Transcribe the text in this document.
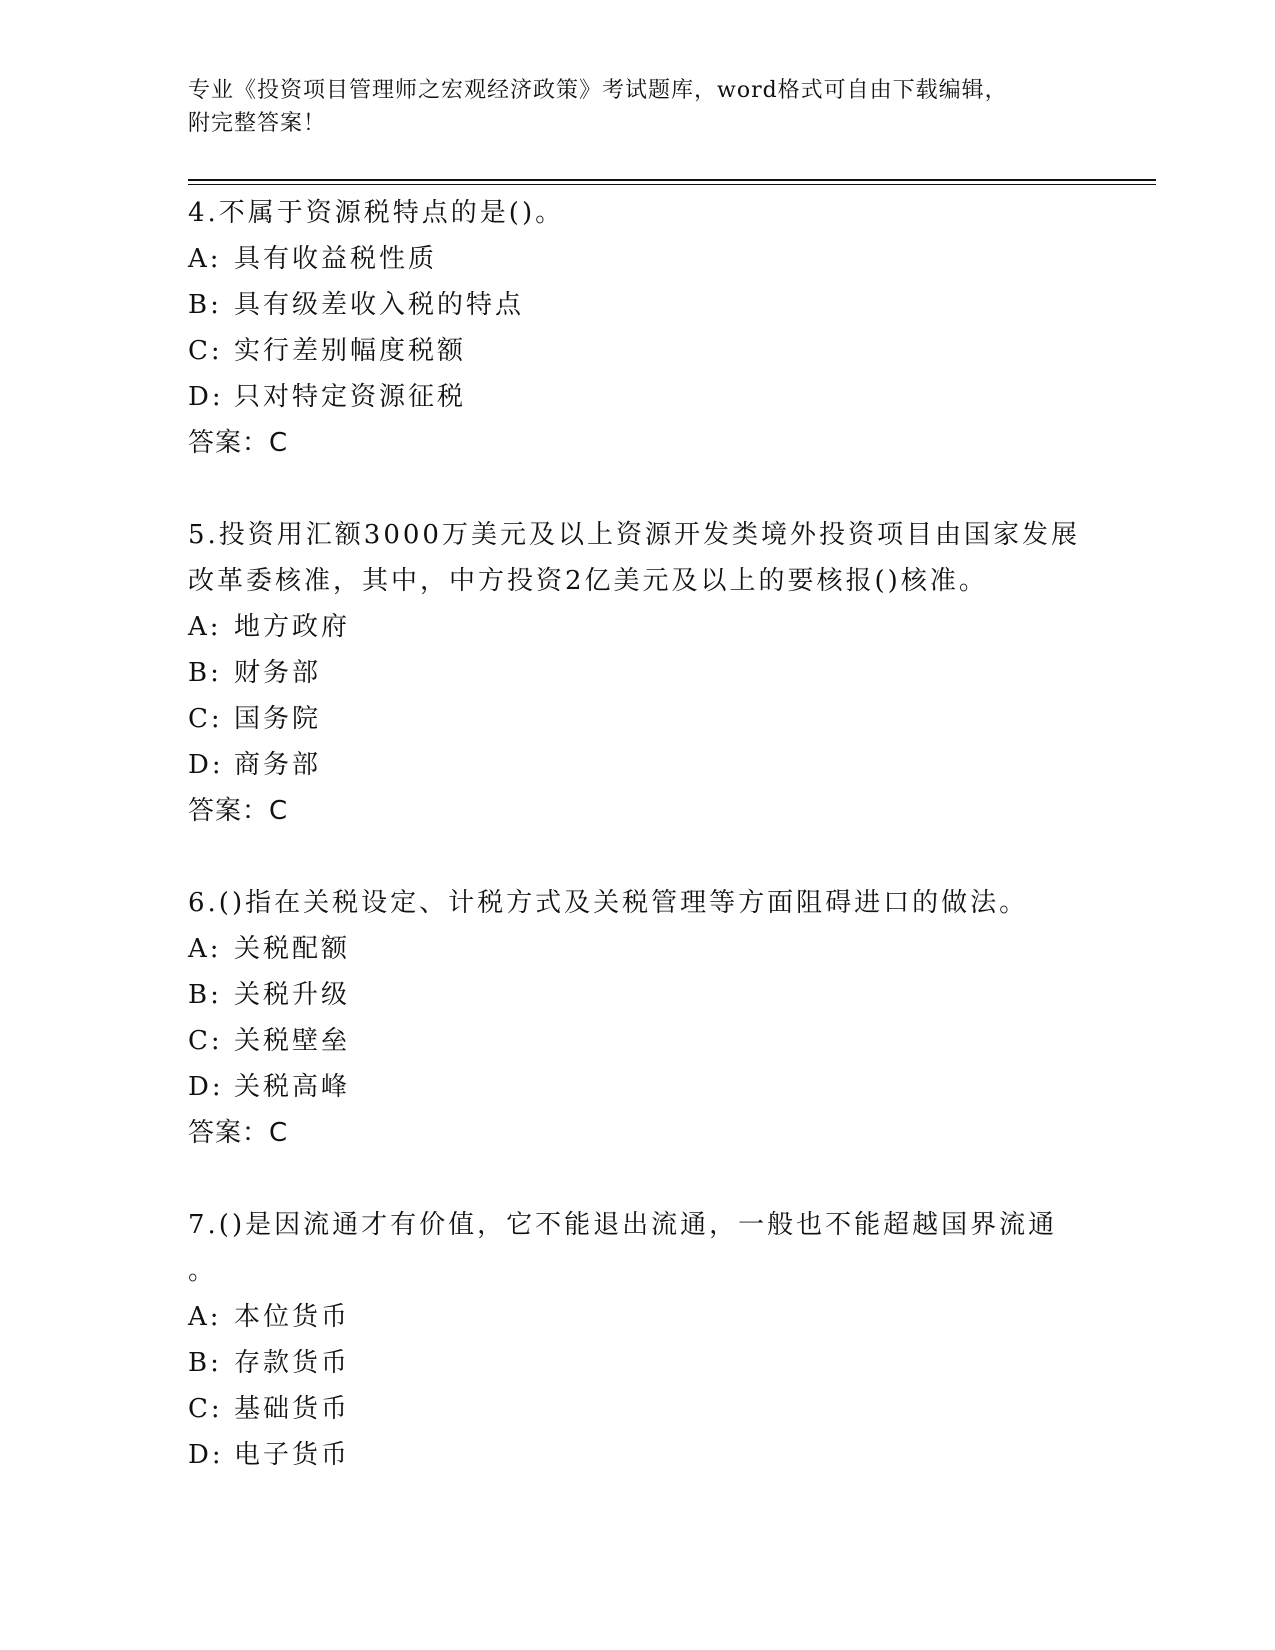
专业《投资项目管理师之宏观经济政策》考试题库，word格式可自由下载编辑，
附完整答案！

4.不属于资源税特点的是()。

A: 具有收益税性质

B: 具有级差收入税的特点

C: 实行差别幅度税额

D: 只对特定资源征税

答案：C

5.投资用汇额3000万美元及以上资源开发类境外投资项目由国家发展

改革委核准，其中，中方投资2亿美元及以上的要核报()核准。

A: 地方政府

B: 财务部

C: 国务院

D: 商务部

答案：C

6.()指在关税设定、计税方式及关税管理等方面阻碍进口的做法。

A: 关税配额

B: 关税升级

C: 关税壁垒

D: 关税高峰

答案：C

7.()是因流通才有价值，它不能退出流通，一般也不能超越国界流通

。

A: 本位货币

B: 存款货币

C: 基础货币

D: 电子货币
